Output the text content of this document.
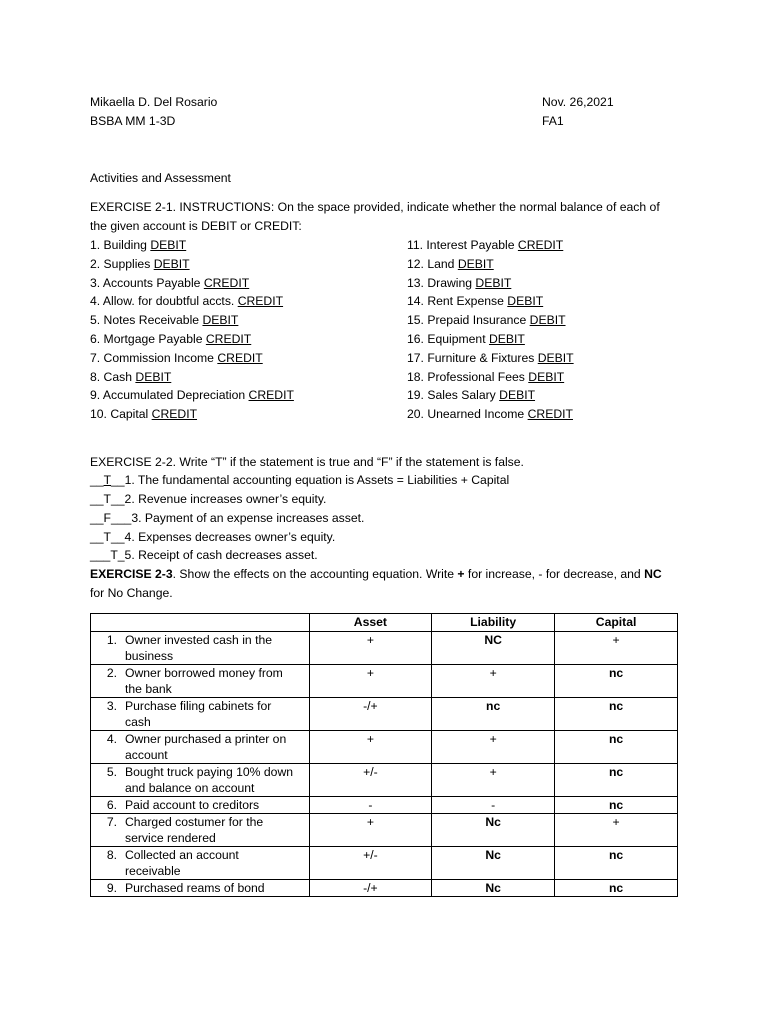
Mikaella D. Del Rosario	Nov. 26,2021
BSBA MM 1-3D	FA1
Activities and Assessment
EXERCISE 2-1. INSTRUCTIONS: On the space provided, indicate whether the normal balance of each of
the given account is DEBIT or CREDIT:
1. Building DEBIT
2. Supplies DEBIT
3. Accounts Payable CREDIT
4. Allow. for doubtful accts. CREDIT
5. Notes Receivable DEBIT
6. Mortgage Payable CREDIT
7. Commission Income CREDIT
8. Cash DEBIT
9. Accumulated Depreciation CREDIT
10. Capital CREDIT
11. Interest Payable CREDIT
12. Land DEBIT
13. Drawing DEBIT
14. Rent Expense DEBIT
15. Prepaid Insurance DEBIT
16. Equipment DEBIT
17. Furniture & Fixtures DEBIT
18. Professional Fees DEBIT
19. Sales Salary DEBIT
20. Unearned Income CREDIT
EXERCISE 2-2. Write “T” if the statement is true and “F” if the statement is false.
__T__1. The fundamental accounting equation is Assets = Liabilities + Capital
__T__2. Revenue increases owner’s equity.
__F___3. Payment of an expense increases asset.
__T__4. Expenses decreases owner’s equity.
___T_5. Receipt of cash decreases asset.
EXERCISE 2-3. Show the effects on the accounting equation. Write + for increase, - for decrease, and NC
for No Change.
	Asset	Liability	Capital
1. Owner invested cash in the business	+	NC	+
2. Owner borrowed money from the bank	+	+	nc
3. Purchase filing cabinets for cash	-/+	nc	nc
4. Owner purchased a printer on account	+	+	nc
5. Bought truck paying 10% down and balance on account	+/-	+	nc
6. Paid account to creditors	-	-	nc
7. Charged costumer for the service rendered	+	Nc	+
8. Collected an account receivable	+/-	Nc	nc
9. Purchased reams of bond	-/+	Nc	nc
